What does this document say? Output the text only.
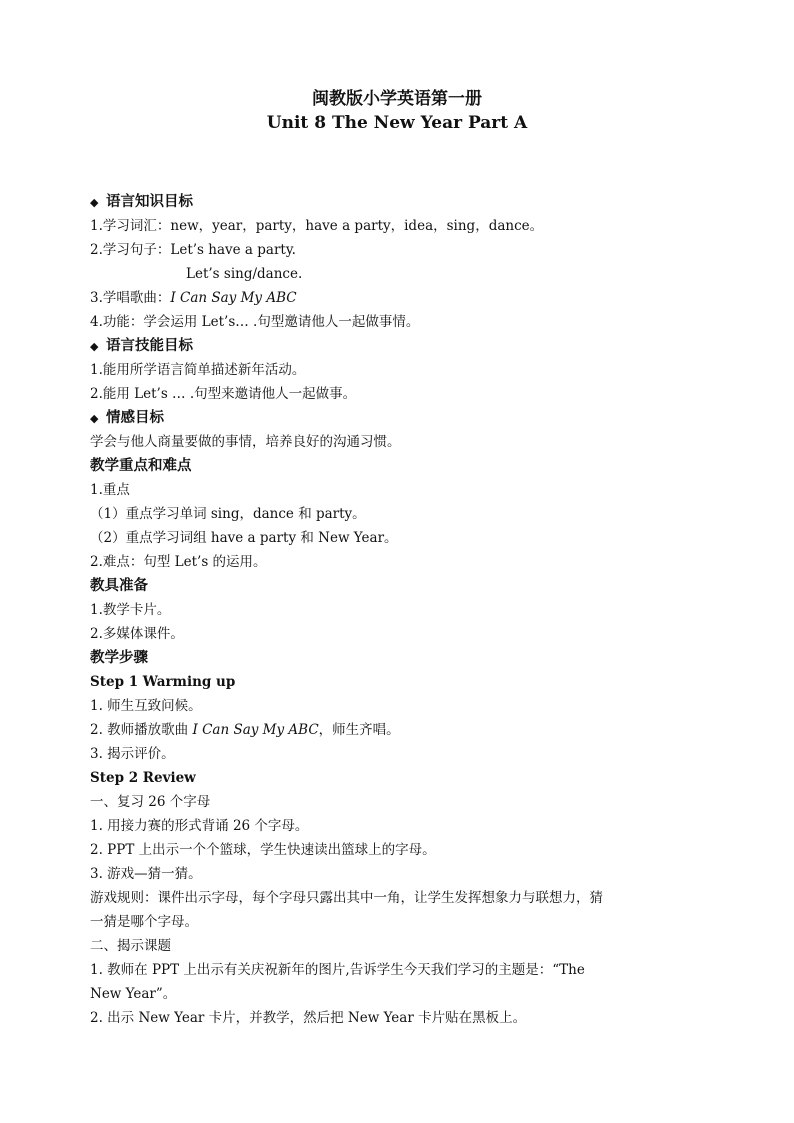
闽教版小学英语第一册
Unit 8 The New Year Part A
◆ 语言知识目标
1.学习词汇：new，year，party，have a party，idea，sing，dance。
2.学习句子：Let’s have a party.
Let’s sing/dance.
3.学唱歌曲：I Can Say My ABC
4.功能：学会运用 Let’s… .句型邀请他人一起做事情。
◆ 语言技能目标
1.能用所学语言简单描述新年活动。
2.能用 Let’s … .句型来邀请他人一起做事。
◆ 情感目标
学会与他人商量要做的事情，培养良好的沟通习惯。
教学重点和难点
1.重点
（1）重点学习单词 sing，dance 和 party。
（2）重点学习词组 have a party 和 New Year。
2.难点：句型 Let’s 的运用。
教具准备
1.教学卡片。
2.多媒体课件。
教学步骤
Step 1 Warming up
1. 师生互致问候。
2. 教师播放歌曲 I Can Say My ABC，师生齐唱。
3. 揭示评价。
Step 2 Review
一、复习 26 个字母
1. 用接力赛的形式背诵 26 个字母。
2. PPT 上出示一个个篮球，学生快速读出篮球上的字母。
3. 游戏—猜一猜。
游戏规则：课件出示字母，每个字母只露出其中一角，让学生发挥想象力与联想力，猜
一猜是哪个字母。
二、揭示课题
1. 教师在 PPT 上出示有关庆祝新年的图片,告诉学生今天我们学习的主题是：“The
New Year”。
2. 出示 New Year 卡片，并教学，然后把 New Year 卡片贴在黑板上。
